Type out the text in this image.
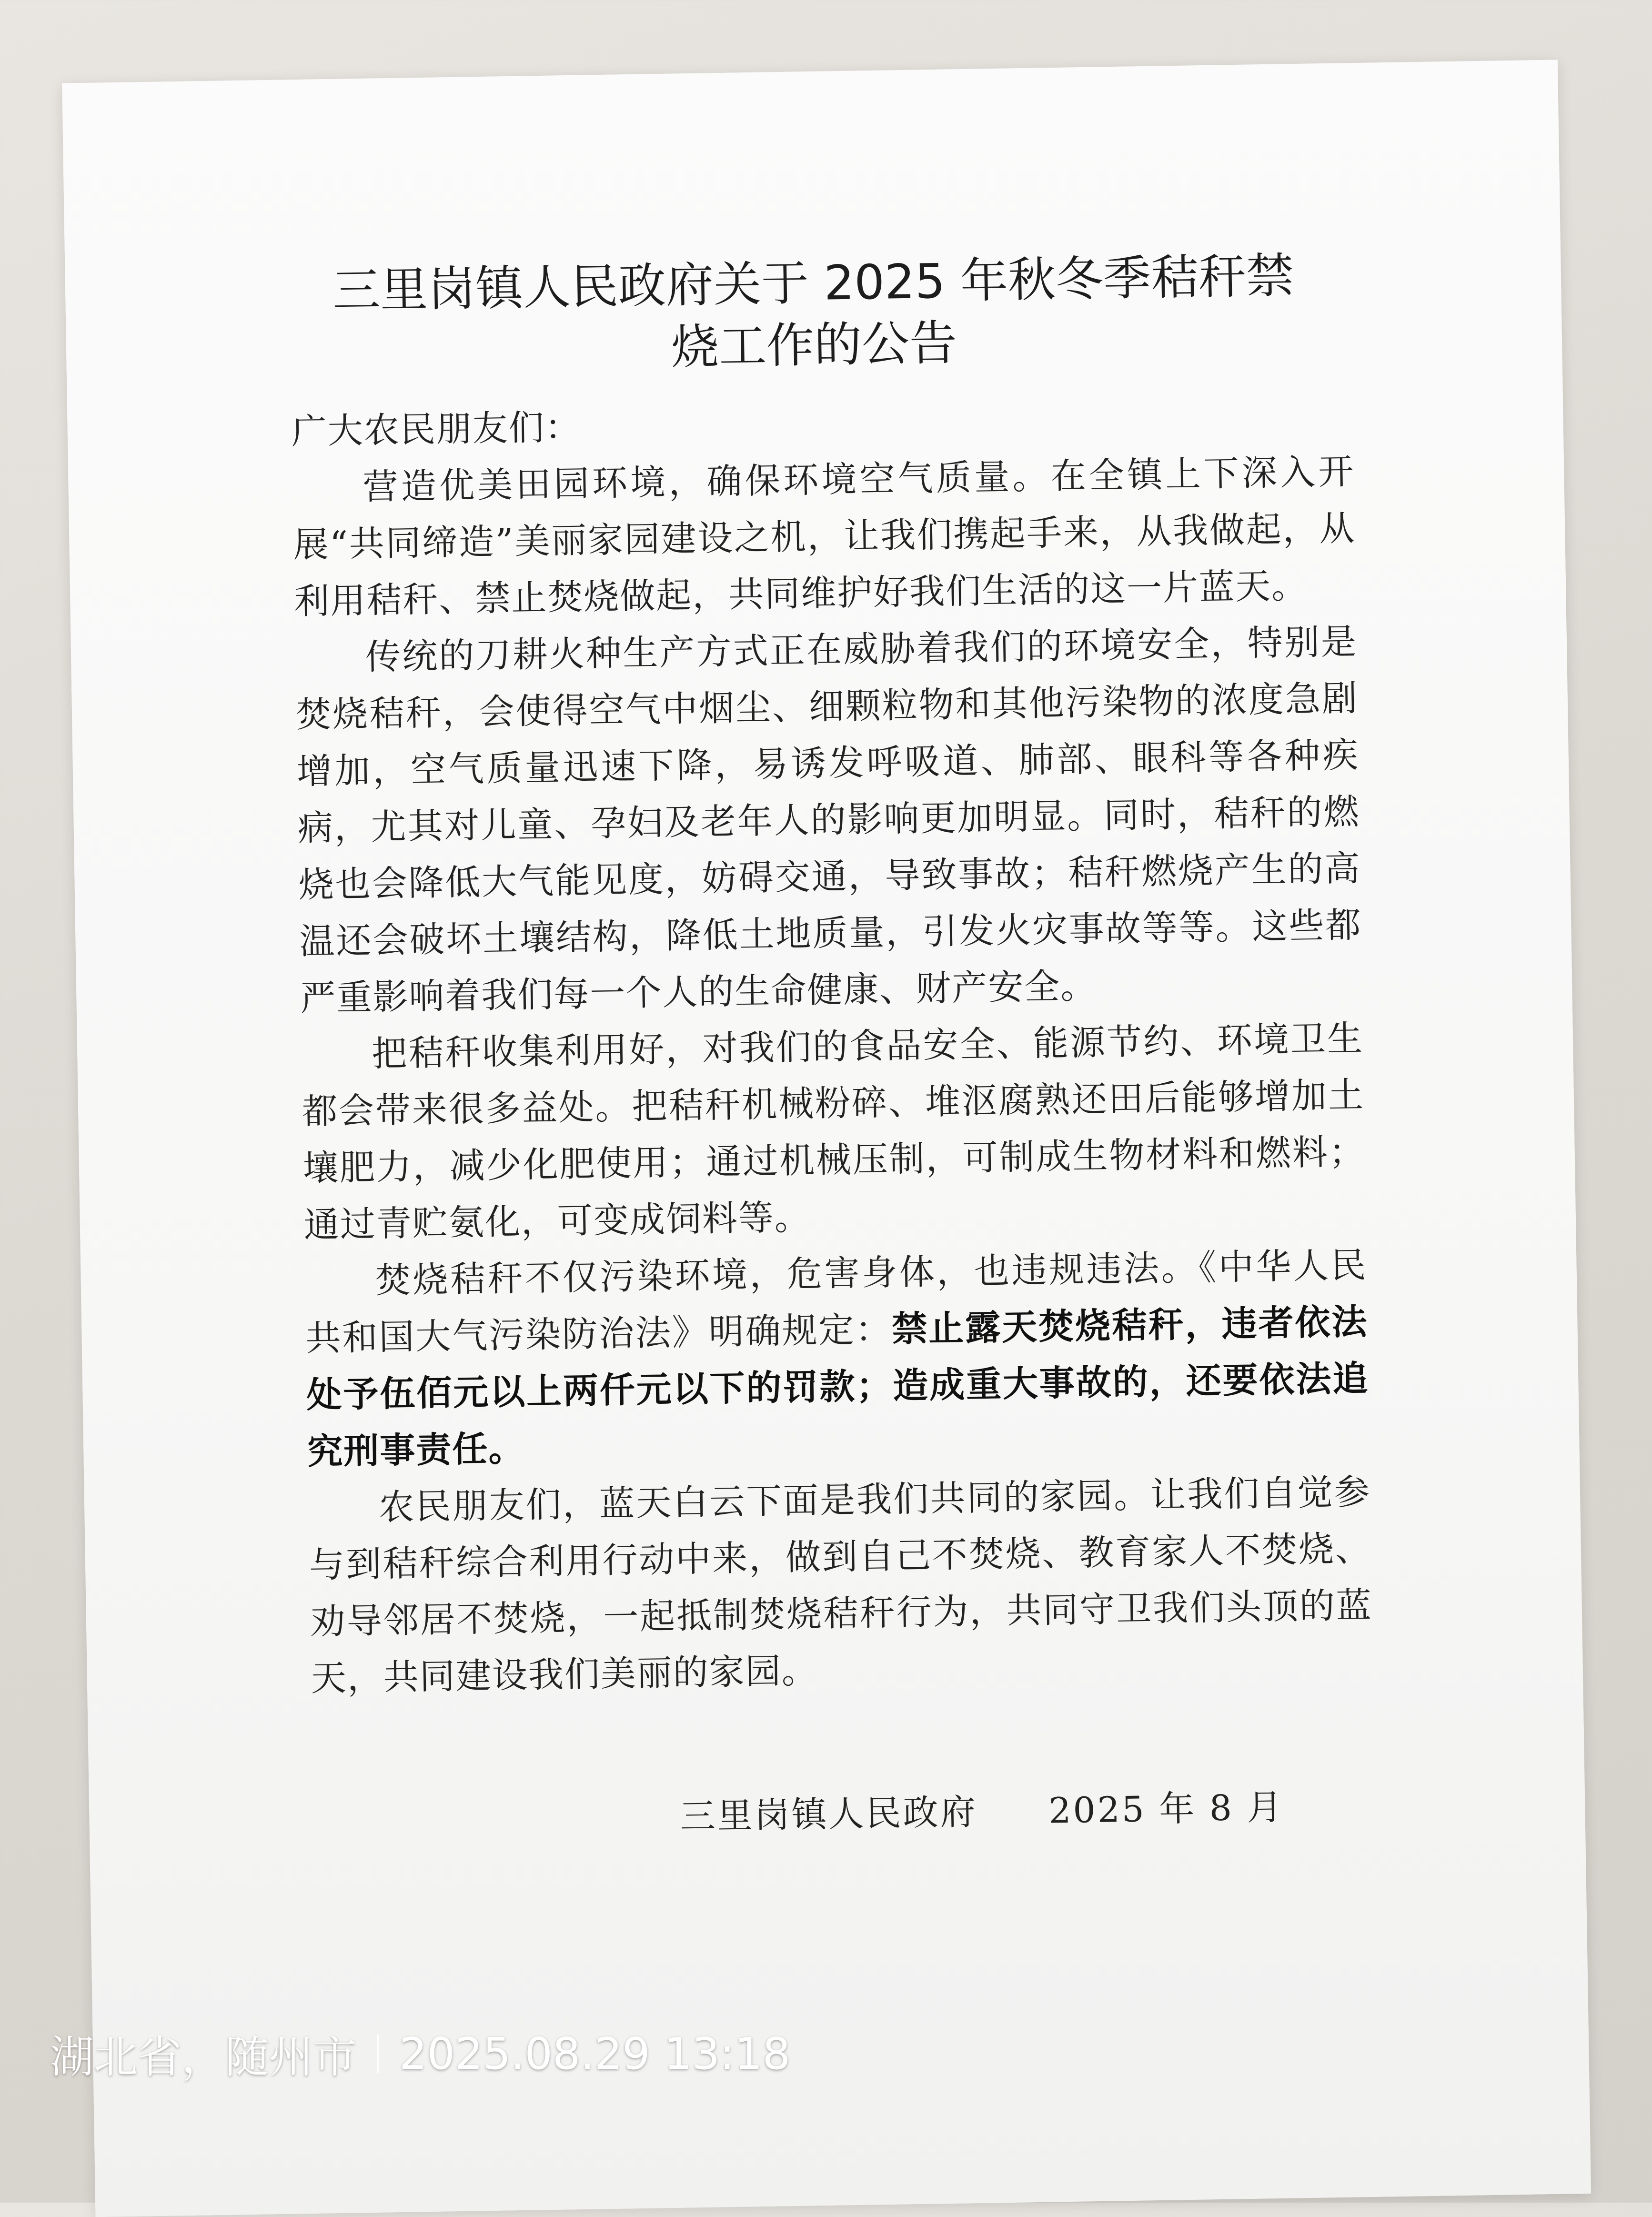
三里岗镇人民政府关于 2025 年秋冬季秸秆禁
烧工作的公告

广大农民朋友们：

营造优美田园环境，确保环境空气质量。在全镇上下深入开展“共同缔造”美丽家园建设之机，让我们携起手来，从我做起，从利用秸秆、禁止焚烧做起，共同维护好我们生活的这一片蓝天。

传统的刀耕火种生产方式正在威胁着我们的环境安全，特别是焚烧秸秆，会使得空气中烟尘、细颗粒物和其他污染物的浓度急剧增加，空气质量迅速下降，易诱发呼吸道、肺部、眼科等各种疾病，尤其对儿童、孕妇及老年人的影响更加明显。同时，秸秆的燃烧也会降低大气能见度，妨碍交通，导致事故；秸秆燃烧产生的高温还会破坏土壤结构，降低土地质量，引发火灾事故等等。这些都严重影响着我们每一个人的生命健康、财产安全。

把秸秆收集利用好，对我们的食品安全、能源节约、环境卫生都会带来很多益处。把秸秆机械粉碎、堆沤腐熟还田后能够增加土壤肥力，减少化肥使用；通过机械压制，可制成生物材料和燃料；通过青贮氨化，可变成饲料等。

焚烧秸秆不仅污染环境，危害身体，也违规违法。《中华人民共和国大气污染防治法》明确规定：禁止露天焚烧秸秆，违者依法处予伍佰元以上两仟元以下的罚款；造成重大事故的，还要依法追究刑事责任。

农民朋友们，蓝天白云下面是我们共同的家园。让我们自觉参与到秸秆综合利用行动中来，做到自己不焚烧、教育家人不焚烧、劝导邻居不焚烧，一起抵制焚烧秸秆行为，共同守卫我们头顶的蓝天，共同建设我们美丽的家园。

三里岗镇人民政府 2025 年 8 月
湖北省，随州市 2025.08.29 13:18
